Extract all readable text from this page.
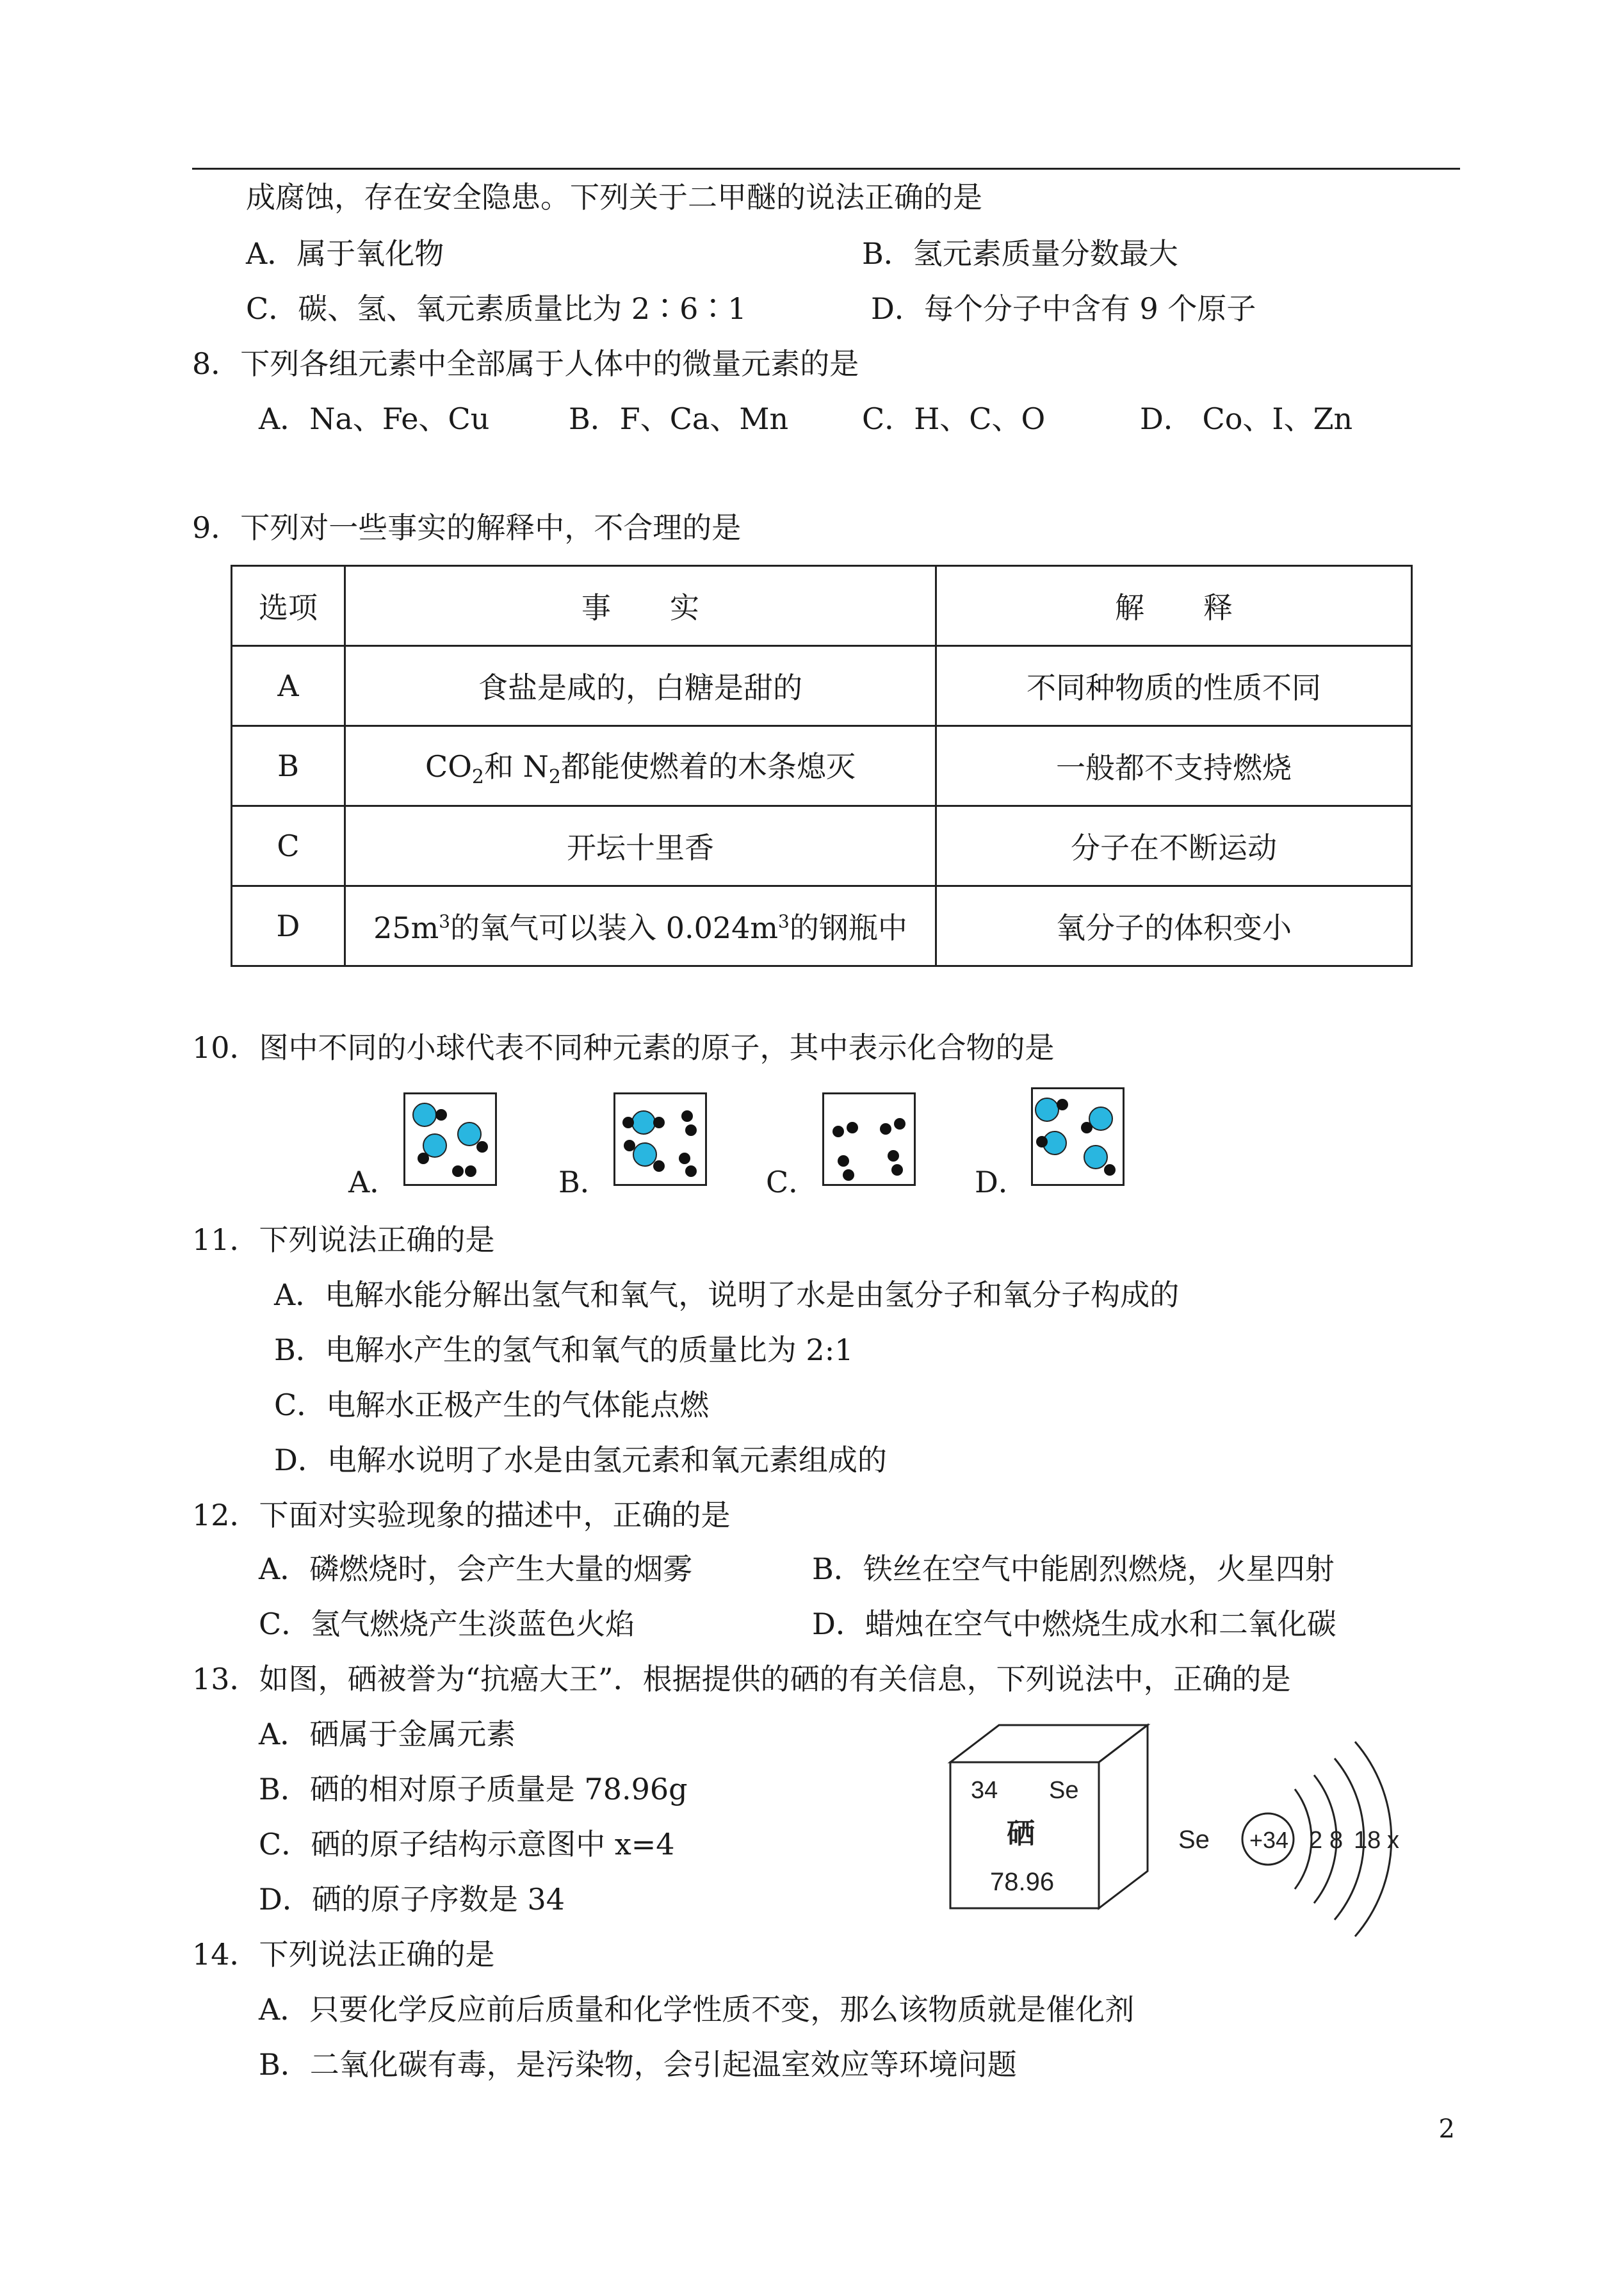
成腐蚀，存在安全隐患。下列关于二甲醚的说法正确的是
A．属于氧化物	B．氢元素质量分数最大
C．碳、氢、氧元素质量比为 2∶6∶1	D．每个分子中含有 9 个原子
8．下列各组元素中全部属于人体中的微量元素的是
A．Na、Fe、Cu	B．F、Ca、Mn C．H、C、O	D． Co、I、Zn
9．下列对一些事实的解释中，不合理的是
选项	事　　实	解　　释
A	食盐是咸的，白糖是甜的	不同种物质的性质不同
B	$CO_2$和 $N_2$都能使燃着的木条熄灭	一般都不支持燃烧
C	开坛十里香	分子在不断运动
D	$25m^3$的氧气可以装入 $0.024m^3$的钢瓶中	氧分子的体积变小
10．图中不同的小球代表不同种元素的原子，其中表示化合物的是
A．	B．	C．	D．
11．下列说法正确的是
A．电解水能分解出氢气和氧气，说明了水是由氢分子和氧分子构成的
B．电解水产生的氢气和氧气的质量比为 2:1
C．电解水正极产生的气体能点燃
D．电解水说明了水是由氢元素和氧元素组成的
12．下面对实验现象的描述中，正确的是
A．磷燃烧时，会产生大量的烟雾	B．铁丝在空气中能剧烈燃烧，火星四射
C．氢气燃烧产生淡蓝色火焰	D．蜡烛在空气中燃烧生成水和二氧化碳
13．如图，硒被誉为“抗癌大王”．根据提供的硒的有关信息，下列说法中，正确的是
A．硒属于金属元素
B．硒的相对原子质量是 78.96g
C．硒的原子结构示意图中 x=4
D．硒的原子序数是 34
34 Se
硒
78.96
Se +34 2 8 18 x
14．下列说法正确的是
A．只要化学反应前后质量和化学性质不变，那么该物质就是催化剂
B．二氧化碳有毒，是污染物，会引起温室效应等环境问题
2
